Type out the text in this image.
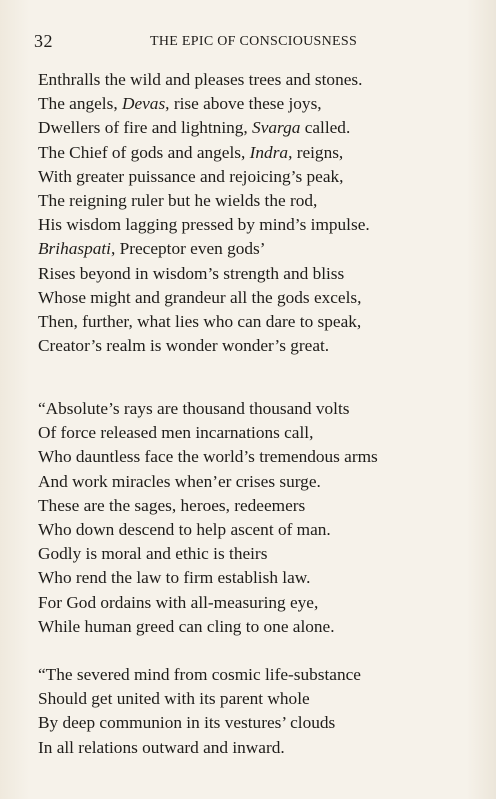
32	THE EPIC OF CONSCIOUSNESS
Enthralls the wild and pleases trees and stones.
The angels, Devas, rise above these joys,
Dwellers of fire and lightning, Svarga called.
The Chief of gods and angels, Indra, reigns,
With greater puissance and rejoicing’s peak,
The reigning ruler but he wields the rod,
His wisdom lagging pressed by mind’s impulse.
Brihaspati, Preceptor even gods’
Rises beyond in wisdom’s strength and bliss
Whose might and grandeur all the gods excels,
Then, further, what lies who can dare to speak,
Creator’s realm is wonder wonder’s great.
“Absolute’s rays are thousand thousand volts
Of force released men incarnations call,
Who dauntless face the world’s tremendous arms
And work miracles when’er crises surge.
These are the sages, heroes, redeemers
Who down descend to help ascent of man.
Godly is moral and ethic is theirs
Who rend the law to firm establish law.
For God ordains with all-measuring eye,
While human greed can cling to one alone.
“The severed mind from cosmic life-substance
Should get united with its parent whole
By deep communion in its vestures’ clouds
In all relations outward and inward.
